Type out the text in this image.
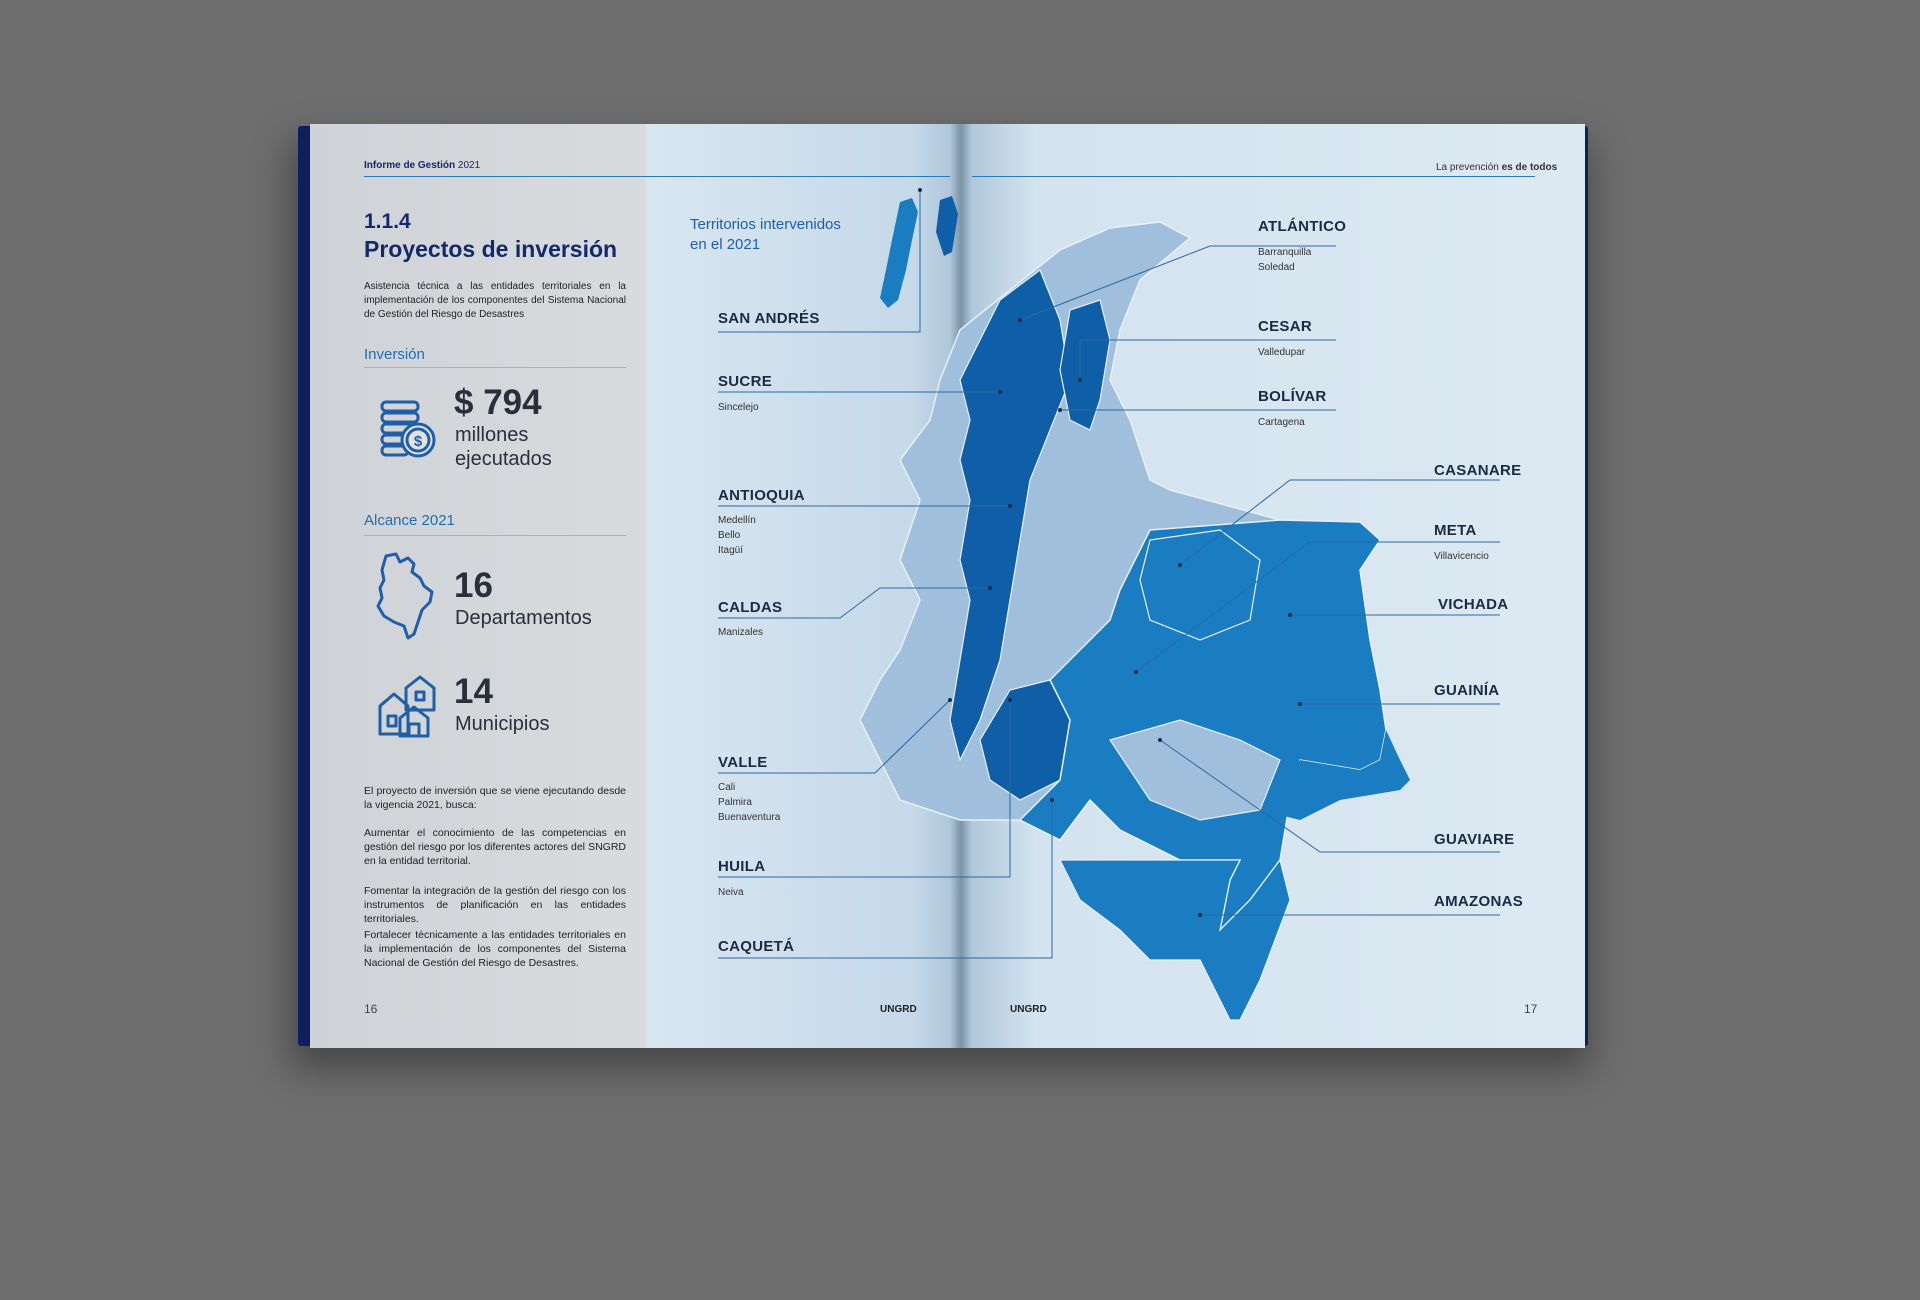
Informe de Gestión 2021
1.1.4
Proyectos de inversión
Asistencia técnica a las entidades territoriales en la implementación de los componentes del Sistema Nacional de Gestión del Riesgo de Desastres
Inversión
$
$ 794
millones
ejecutados
Alcance 2021
16
Departamentos
14
Municipios
El proyecto de inversión que se viene ejecutando desde la vigencia 2021, busca:
Aumentar el conocimiento de las competencias en gestión del riesgo por los diferentes actores del SNGRD en la entidad territorial.
Fomentar la integración de la gestión del riesgo con los instrumentos de planificación en las entidades territoriales.
Fortalecer técnicamente a las entidades territoriales en la implementación de los componentes del Sistema Nacional de Gestión del Riesgo de Desastres.
16	UNGRD	UNGRD	17
La prevención es de todos
Territorios intervenidos
en el 2021
SAN ANDRÉS
SUCRE
Sincelejo
ANTIOQUIA
Medellín
Bello
Itagüí
CALDAS
Manizales
VALLE
Cali
Palmira
Buenaventura
HUILA
Neiva
CAQUETÁ
ATLÁNTICO
Barranquilla
Soledad
CESAR
Valledupar
BOLÍVAR
Cartagena
CASANARE
META
Villavicencio
VICHADA
GUAINÍA
GUAVIARE
AMAZONAS
